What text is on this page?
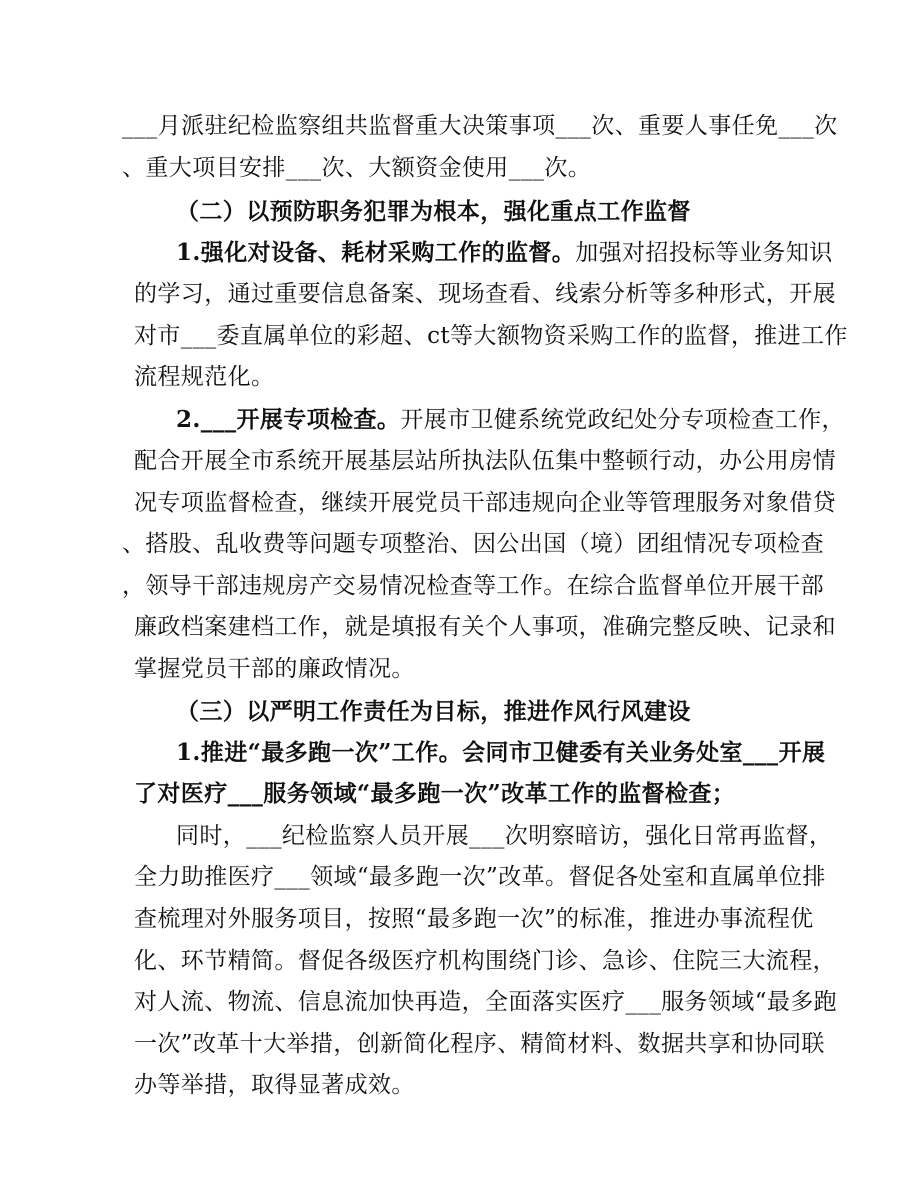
___月派驻纪检监察组共监督重大决策事项___次、重要人事任免___次
、重大项目安排___次、大额资金使用___次。
（二）以预防职务犯罪为根本，强化重点工作监督
1.强化对设备、耗材采购工作的监督。加强对招投标等业务知识
的学习，通过重要信息备案、现场查看、线索分析等多种形式，开展
对市___委直属单位的彩超、ct等大额物资采购工作的监督，推进工作
流程规范化。
2.___开展专项检查。开展市卫健系统党政纪处分专项检查工作，
配合开展全市系统开展基层站所执法队伍集中整顿行动，办公用房情
况专项监督检查，继续开展党员干部违规向企业等管理服务对象借贷
、搭股、乱收费等问题专项整治、因公出国（境）团组情况专项检查
，领导干部违规房产交易情况检查等工作。在综合监督单位开展干部
廉政档案建档工作，就是填报有关个人事项，准确完整反映、记录和
掌握党员干部的廉政情况。
（三）以严明工作责任为目标，推进作风行风建设
1.推进“最多跑一次”工作。会同市卫健委有关业务处室___开展
了对医疗___服务领域“最多跑一次”改革工作的监督检查；
同时，___纪检监察人员开展___次明察暗访，强化日常再监督，
全力助推医疗___领域“最多跑一次”改革。督促各处室和直属单位排
查梳理对外服务项目，按照“最多跑一次”的标准，推进办事流程优
化、环节精简。督促各级医疗机构围绕门诊、急诊、住院三大流程，
对人流、物流、信息流加快再造，全面落实医疗___服务领域“最多跑
一次”改革十大举措，创新简化程序、精简材料、数据共享和协同联
办等举措，取得显著成效。
